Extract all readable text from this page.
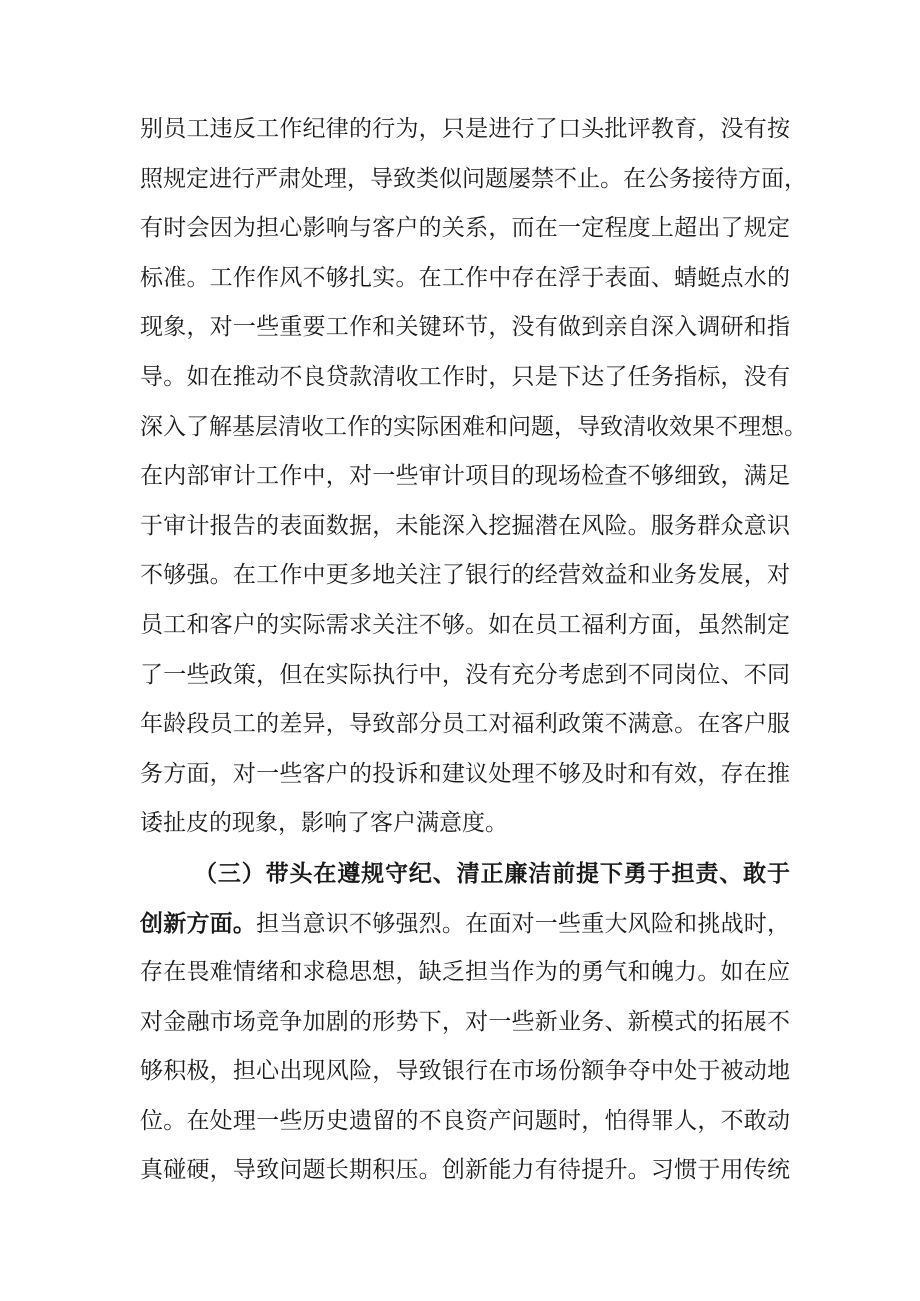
别员工违反工作纪律的行为，只是进行了口头批评教育，没有按
照规定进行严肃处理，导致类似问题屡禁不止。在公务接待方面，
有时会因为担心影响与客户的关系，而在一定程度上超出了规定
标准。工作作风不够扎实。在工作中存在浮于表面、蜻蜓点水的
现象，对一些重要工作和关键环节，没有做到亲自深入调研和指
导。如在推动不良贷款清收工作时，只是下达了任务指标，没有
深入了解基层清收工作的实际困难和问题，导致清收效果不理想。
在内部审计工作中，对一些审计项目的现场检查不够细致，满足
于审计报告的表面数据，未能深入挖掘潜在风险。服务群众意识
不够强。在工作中更多地关注了银行的经营效益和业务发展，对
员工和客户的实际需求关注不够。如在员工福利方面，虽然制定
了一些政策，但在实际执行中，没有充分考虑到不同岗位、不同
年龄段员工的差异，导致部分员工对福利政策不满意。在客户服
务方面，对一些客户的投诉和建议处理不够及时和有效，存在推
诿扯皮的现象，影响了客户满意度。
（三）带头在遵规守纪、清正廉洁前提下勇于担责、敢于
创新方面。担当意识不够强烈。在面对一些重大风险和挑战时，
存在畏难情绪和求稳思想，缺乏担当作为的勇气和魄力。如在应
对金融市场竞争加剧的形势下，对一些新业务、新模式的拓展不
够积极，担心出现风险，导致银行在市场份额争夺中处于被动地
位。在处理一些历史遗留的不良资产问题时，怕得罪人，不敢动
真碰硬，导致问题长期积压。创新能力有待提升。习惯于用传统
